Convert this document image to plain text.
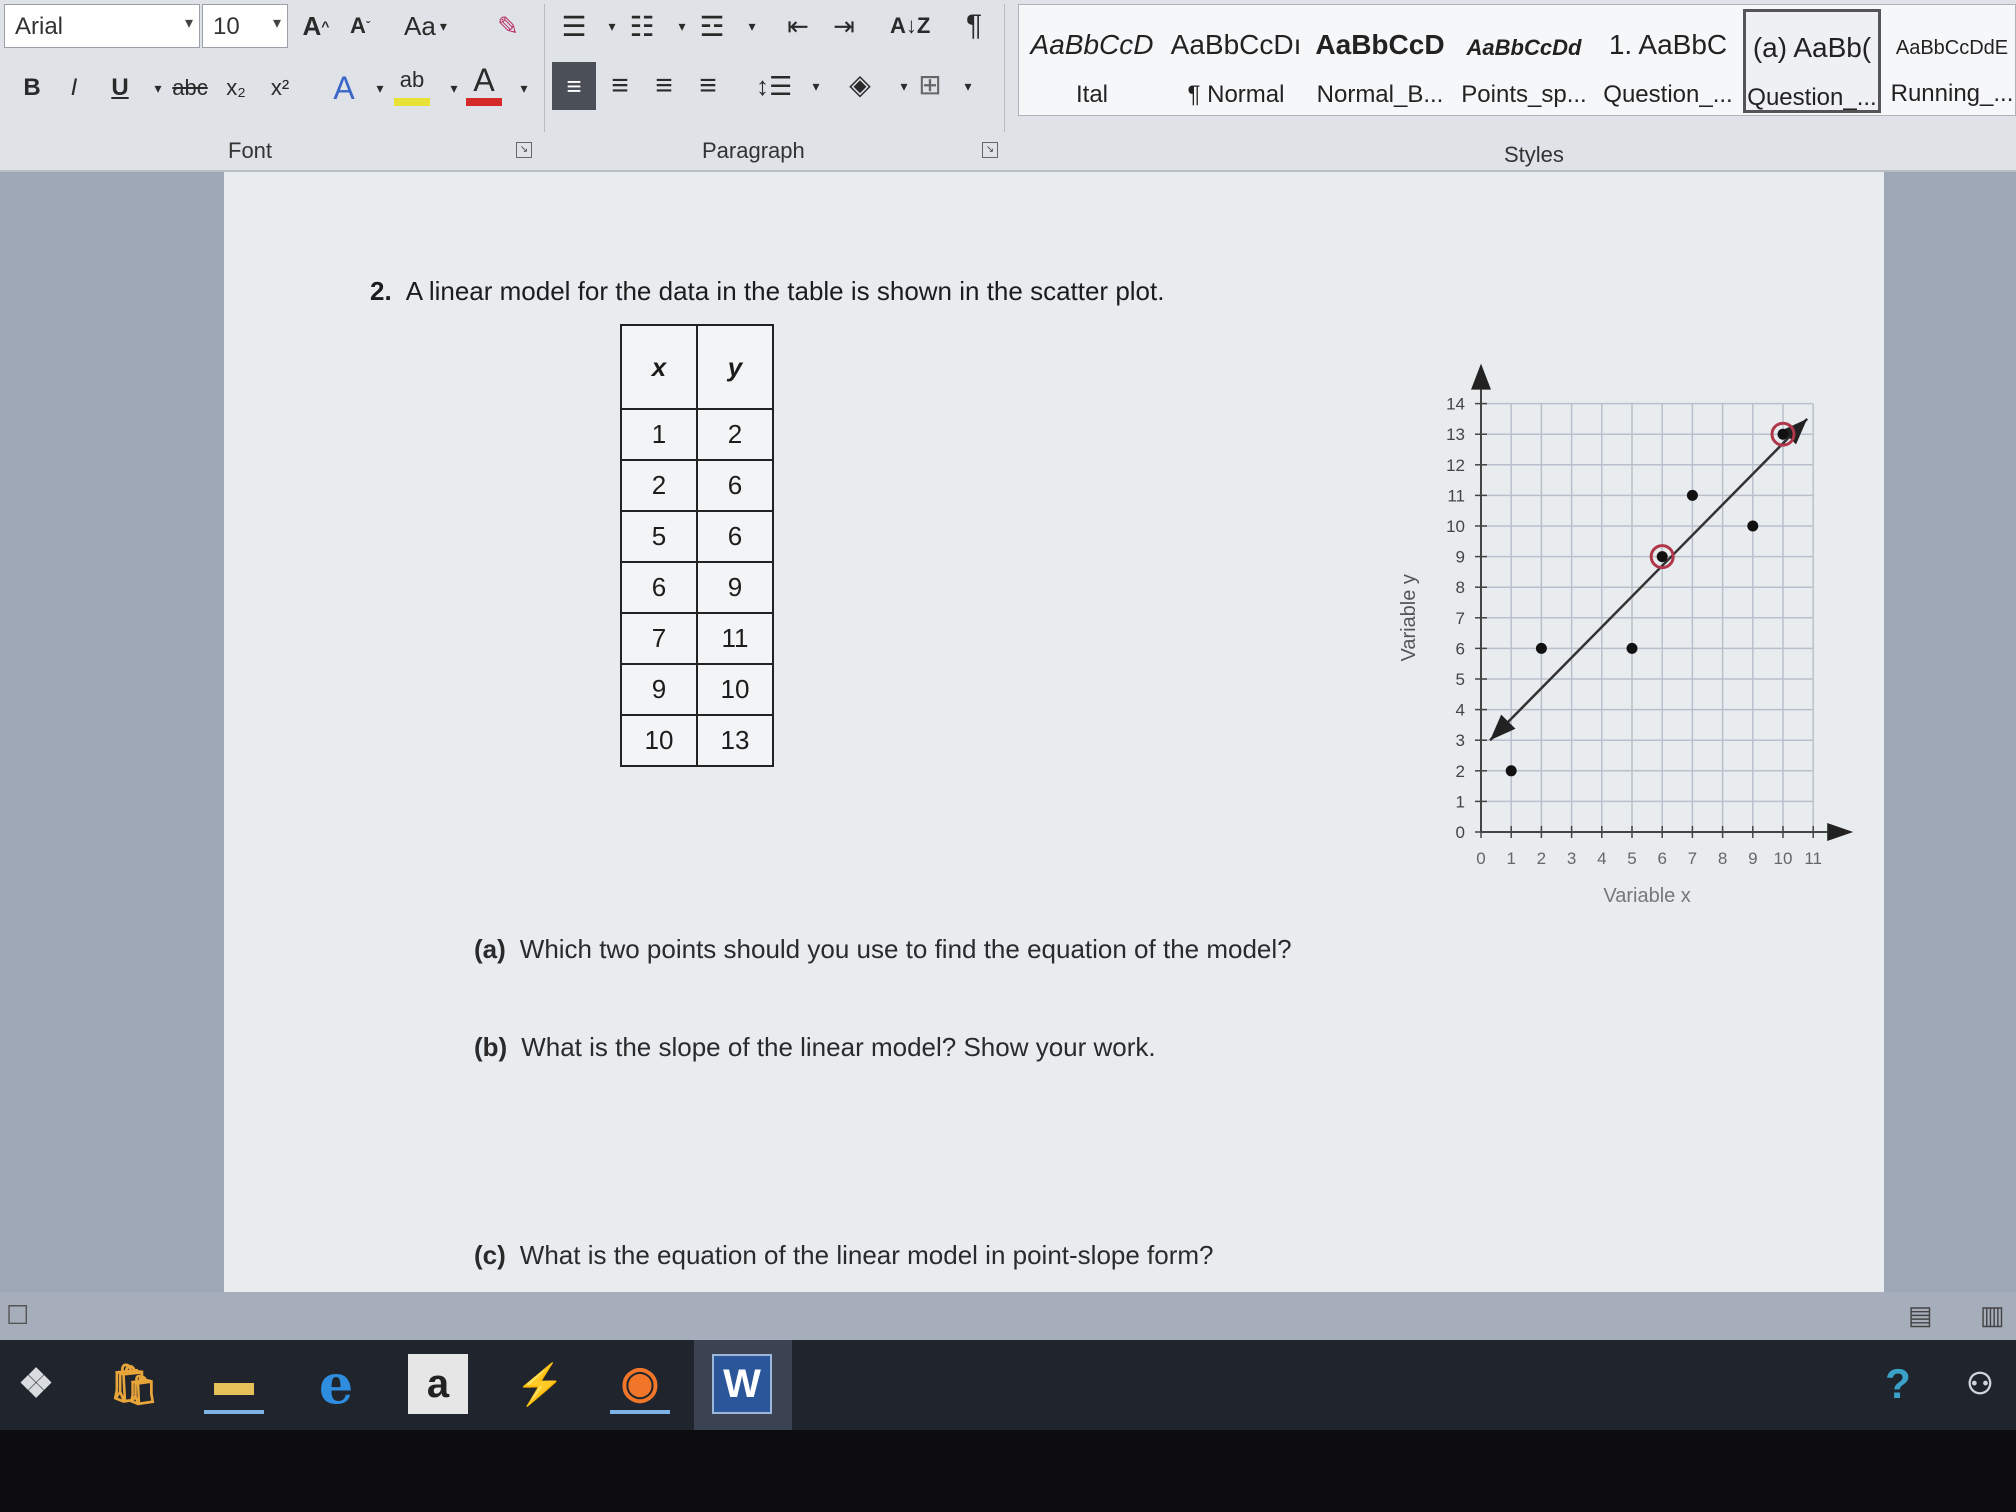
Arial	▾ 10 ▾ A ^ A ˇ Aa ▾ ✎
B I U	▾ abc x₂ x² A	▾ ab	▾ A	▾
☰	▾ ☷	▾ ☲	▾	⇤ ⇥	A↓Z ¶
≡ ≡ ≡ ≡	↕☰	▾	◈	▾ ⊞	▾
Font	↘	Paragraph	↘	Styles
AaBbCcD
Ital
AaBbCcDı
¶ Normal
AaBbCcD
Normal_B...
AaBbCcDd
Points_sp...
1. AaBbC
Question_...
(a) AaBb(
Question_...
AaBbCcDdE
Running_...
2. A linear model for the data in the table is shown in the scatter plot.
x	y
1	2
2	6
5	6
6	9
7	11
9	10
10	13
0 1 2 3 4 5 6 7 8 9 10 11
0
1
2
3
4
5
6
7
8
9
10
11
12
13
14
Variable x
Variable y
(a) Which two points should you use to find the equation of the model?
(b) What is the slope of the linear model? Show your work.
(c) What is the equation of the linear model in point-slope form?
☐	▤ ▥
❖	🛍 ▬ e a ⚡ ◉ W	?	⚇
